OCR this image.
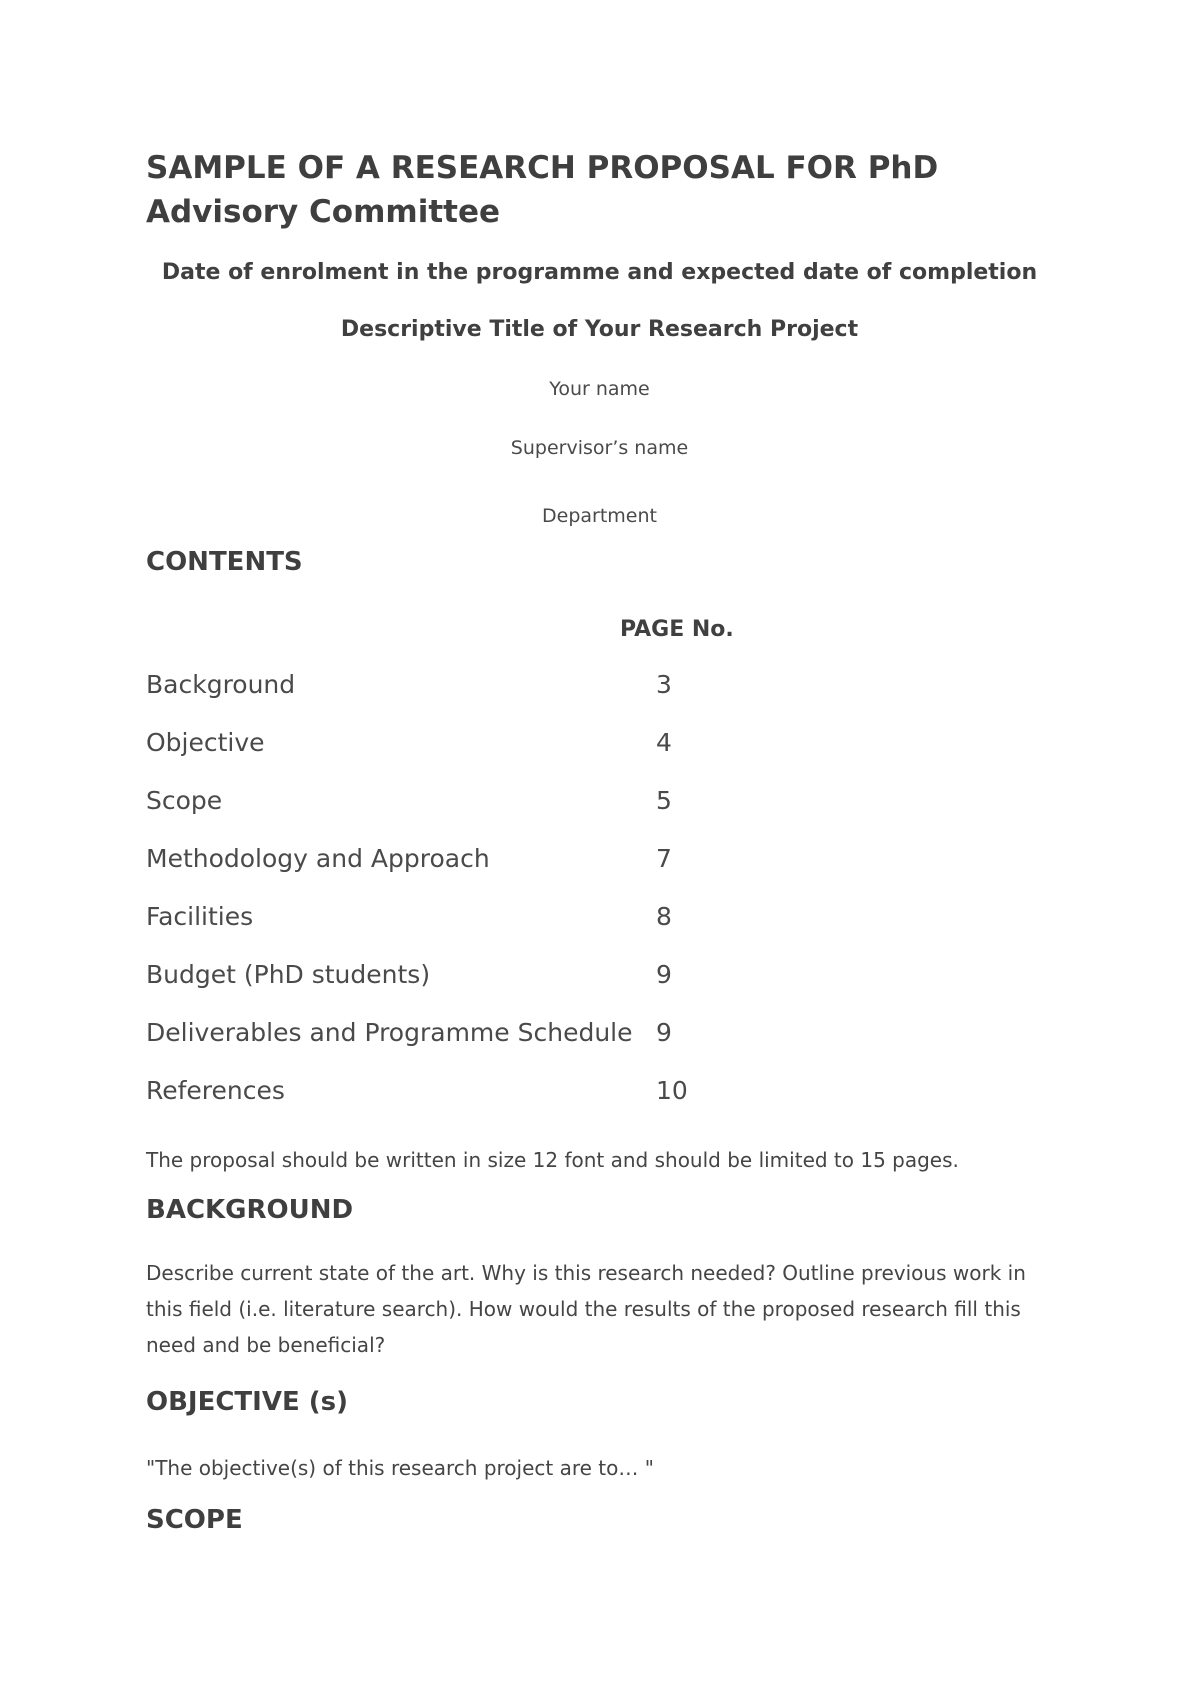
SAMPLE OF A RESEARCH PROPOSAL FOR PhD Advisory Committee

Date of enrolment in the programme and expected date of completion

Descriptive Title of Your Research Project

Your name

Supervisor’s name

Department

CONTENTS

PAGE No.

Background	3
Objective	4
Scope	5
Methodology and Approach	7
Facilities	8
Budget (PhD students)	9
Deliverables and Programme Schedule 9
References	10

The proposal should be written in size 12 font and should be limited to 15 pages.

BACKGROUND

Describe current state of the art. Why is this research needed? Outline previous work in this field (i.e. literature search). How would the results of the proposed research fill this need and be beneficial?

OBJECTIVE (s)

"The objective(s) of this research project are to… "

SCOPE
